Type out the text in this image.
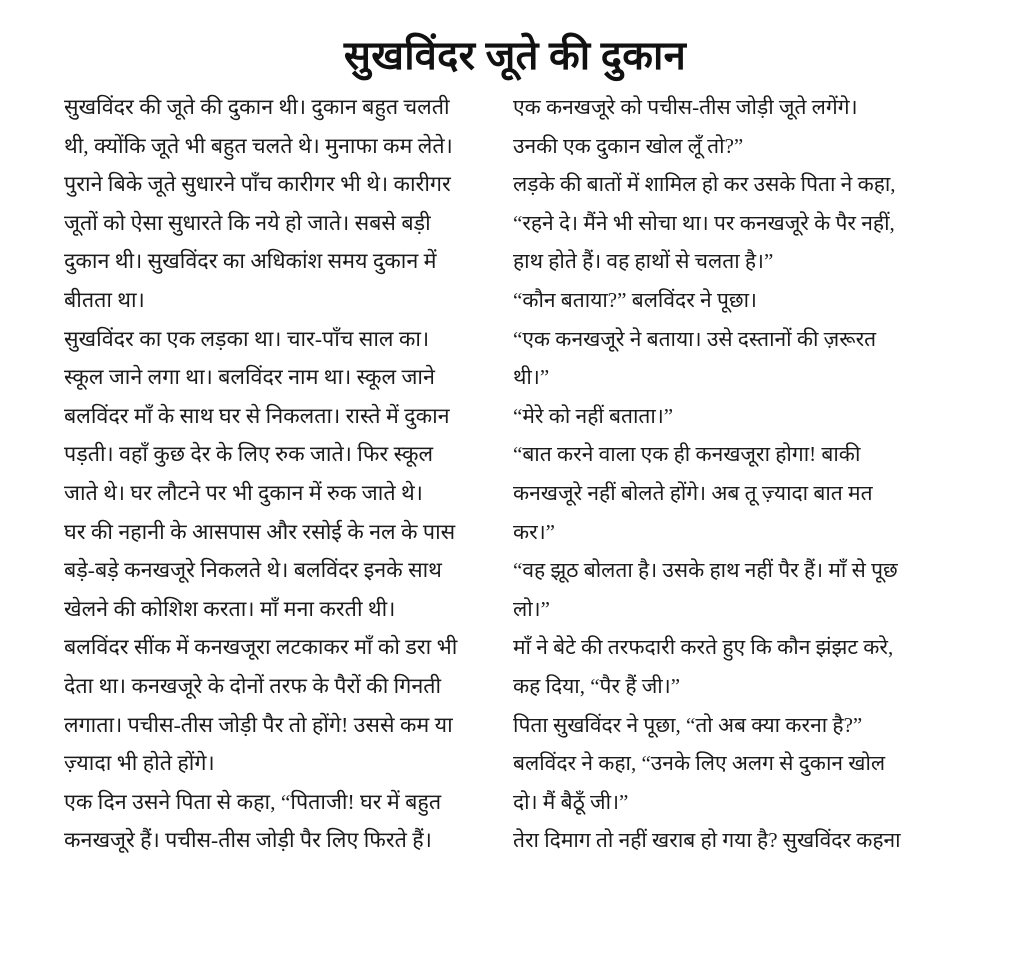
सुखविंदर जूते की दुकान

सुखविंदर की जूते की दुकान थी। दुकान बहुत चलती
थी, क्योंकि जूते भी बहुत चलते थे। मुनाफा कम लेते।
पुराने बिके जूते सुधारने पाँच कारीगर भी थे। कारीगर
जूतों को ऐसा सुधारते कि नये हो जाते। सबसे बड़ी
दुकान थी। सुखविंदर का अधिकांश समय दुकान में
बीतता था।
सुखविंदर का एक लड़का था। चार-पाँच साल का।
स्कूल जाने लगा था। बलविंदर नाम था। स्कूल जाने
बलविंदर माँ के साथ घर से निकलता। रास्ते में दुकान
पड़ती। वहाँ कुछ देर के लिए रुक जाते। फिर स्कूल
जाते थे। घर लौटने पर भी दुकान में रुक जाते थे।
घर की नहानी के आसपास और रसोई के नल के पास
बड़े-बड़े कनखजूरे निकलते थे। बलविंदर इनके साथ
खेलने की कोशिश करता। माँ मना करती थी।
बलविंदर सींक में कनखजूरा लटकाकर माँ को डरा भी
देता था। कनखजूरे के दोनों तरफ के पैरों की गिनती
लगाता। पचीस-तीस जोड़ी पैर तो होंगे! उससे कम या
ज़्यादा भी होते होंगे।
एक दिन उसने पिता से कहा, “पिताजी! घर में बहुत
कनखजूरे हैं। पचीस-तीस जोड़ी पैर लिए फिरते हैं।

एक कनखजूरे को पचीस-तीस जोड़ी जूते लगेंगे।
उनकी एक दुकान खोल लूँ तो?”
लड़के की बातों में शामिल हो कर उसके पिता ने कहा,
“रहने दे। मैंने भी सोचा था। पर कनखजूरे के पैर नहीं,
हाथ होते हैं। वह हाथों से चलता है।”
“कौन बताया?” बलविंदर ने पूछा।
“एक कनखजूरे ने बताया। उसे दस्तानों की ज़रूरत
थी।”
“मेरे को नहीं बताता।”
“बात करने वाला एक ही कनखजूरा होगा! बाकी
कनखजूरे नहीं बोलते होंगे। अब तू ज़्यादा बात मत
कर।”
“वह झूठ बोलता है। उसके हाथ नहीं पैर हैं। माँ से पूछ
लो।”
माँ ने बेटे की तरफदारी करते हुए कि कौन झंझट करे,
कह दिया, “पैर हैं जी।”
पिता सुखविंदर ने पूछा, “तो अब क्या करना है?”
बलविंदर ने कहा, “उनके लिए अलग से दुकान खोल
दो। मैं बैठूँ जी।”
तेरा दिमाग तो नहीं खराब हो गया है? सुखविंदर कहना
